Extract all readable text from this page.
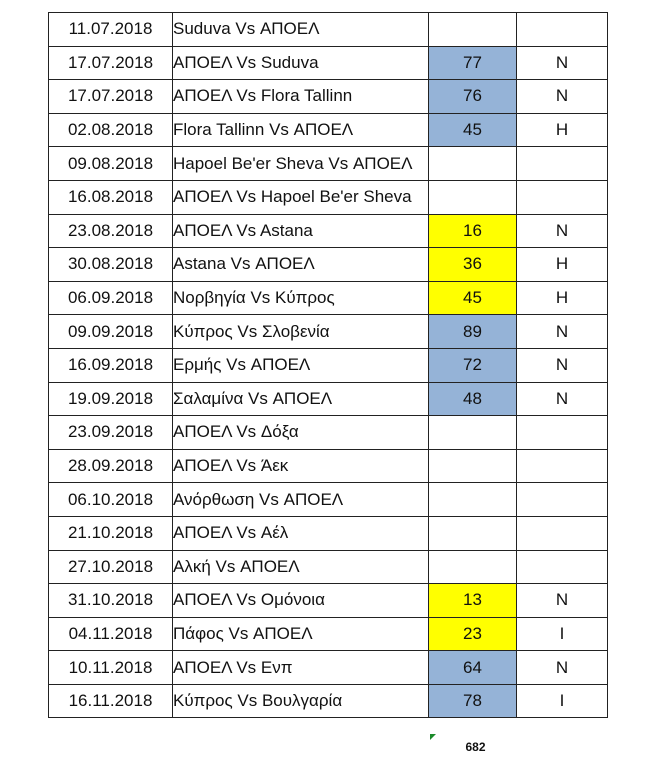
11.07.2018	Suduva Vs ΑΠΟΕΛ		
17.07.2018	ΑΠΟΕΛ Vs Suduva	77	N
17.07.2018	ΑΠΟΕΛ Vs Flora Tallinn	76	N
02.08.2018	Flora Tallinn Vs ΑΠΟΕΛ	45	H
09.08.2018	Hapoel Be'er Sheva Vs ΑΠΟΕΛ		
16.08.2018	ΑΠΟΕΛ Vs Hapoel Be'er Sheva		
23.08.2018	ΑΠΟΕΛ Vs Astana	16	N
30.08.2018	Astana Vs ΑΠΟΕΛ	36	H
06.09.2018	Νορβηγία Vs Κύπρος	45	H
09.09.2018	Κύπρος Vs Σλοβενία	89	N
16.09.2018	Ερμής Vs ΑΠΟΕΛ	72	N
19.09.2018	Σαλαμίνα Vs ΑΠΟΕΛ	48	N
23.09.2018	ΑΠΟΕΛ Vs Δόξα		
28.09.2018	ΑΠΟΕΛ Vs Άεκ		
06.10.2018	Ανόρθωση Vs ΑΠΟΕΛ		
21.10.2018	ΑΠΟΕΛ Vs Αέλ		
27.10.2018	Αλκή Vs ΑΠΟΕΛ		
31.10.2018	ΑΠΟΕΛ Vs Ομόνοια	13	N
04.11.2018	Πάφος Vs ΑΠΟΕΛ	23	I
10.11.2018	ΑΠΟΕΛ Vs Ενπ	64	N
16.11.2018	Κύπρος Vs Βουλγαρία	78	I
682
